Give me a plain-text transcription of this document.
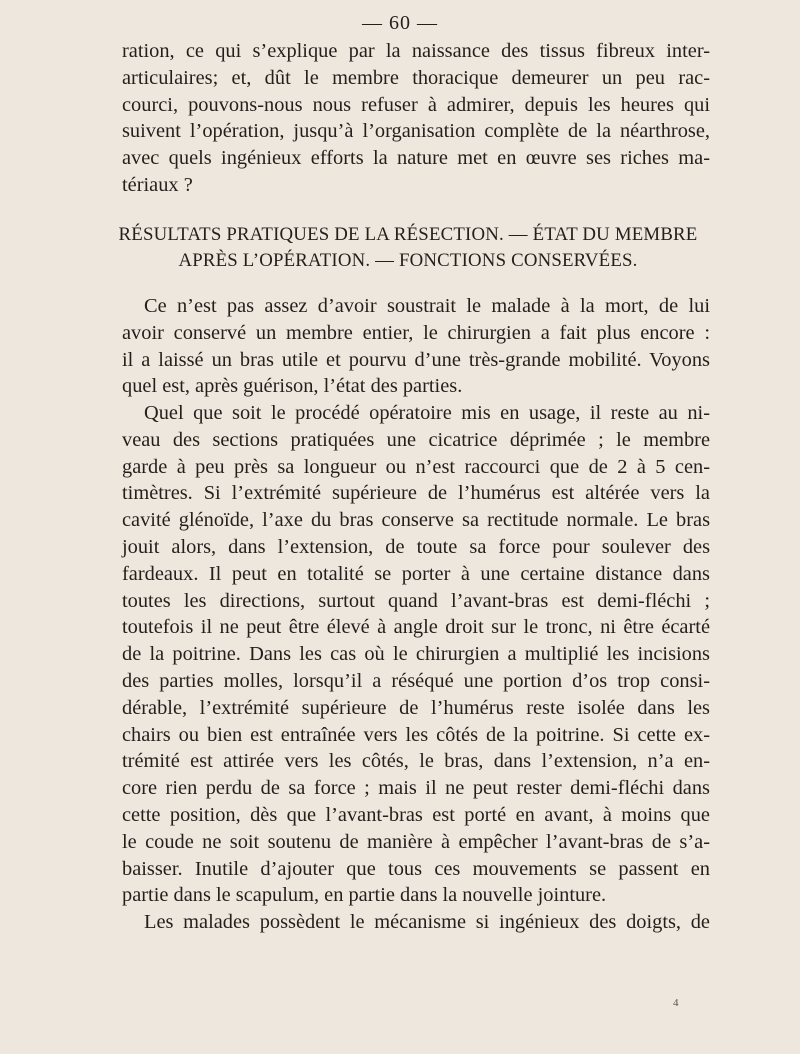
— 60 —
ration, ce qui s’explique par la naissance des tissus fibreux inter-
articulaires; et, dût le membre thoracique demeurer un peu rac-
courci, pouvons-nous nous refuser à admirer, depuis les heures qui
suivent l’opération, jusqu’à l’organisation complète de la néarthrose,
avec quels ingénieux efforts la nature met en œuvre ses riches ma-
tériaux ?
RÉSULTATS PRATIQUES DE LA RÉSECTION. — ÉTAT DU MEMBRE
APRÈS L’OPÉRATION. — FONCTIONS CONSERVÉES.
Ce n’est pas assez d’avoir soustrait le malade à la mort, de lui
avoir conservé un membre entier, le chirurgien a fait plus encore :
il a laissé un bras utile et pourvu d’une très-grande mobilité. Voyons
quel est, après guérison, l’état des parties.
Quel que soit le procédé opératoire mis en usage, il reste au ni-
veau des sections pratiquées une cicatrice déprimée ; le membre
garde à peu près sa longueur ou n’est raccourci que de 2 à 5 cen-
timètres. Si l’extrémité supérieure de l’humérus est altérée vers la
cavité glénoïde, l’axe du bras conserve sa rectitude normale. Le bras
jouit alors, dans l’extension, de toute sa force pour soulever des
fardeaux. Il peut en totalité se porter à une certaine distance dans
toutes les directions, surtout quand l’avant-bras est demi-fléchi ;
toutefois il ne peut être élevé à angle droit sur le tronc, ni être écarté
de la poitrine. Dans les cas où le chirurgien a multiplié les incisions
des parties molles, lorsqu’il a réséqué une portion d’os trop consi-
dérable, l’extrémité supérieure de l’humérus reste isolée dans les
chairs ou bien est entraînée vers les côtés de la poitrine. Si cette ex-
trémité est attirée vers les côtés, le bras, dans l’extension, n’a en-
core rien perdu de sa force ; mais il ne peut rester demi-fléchi dans
cette position, dès que l’avant-bras est porté en avant, à moins que
le coude ne soit soutenu de manière à empêcher l’avant-bras de s’a-
baisser. Inutile d’ajouter que tous ces mouvements se passent en
partie dans le scapulum, en partie dans la nouvelle jointure.
Les malades possèdent le mécanisme si ingénieux des doigts, de
4
